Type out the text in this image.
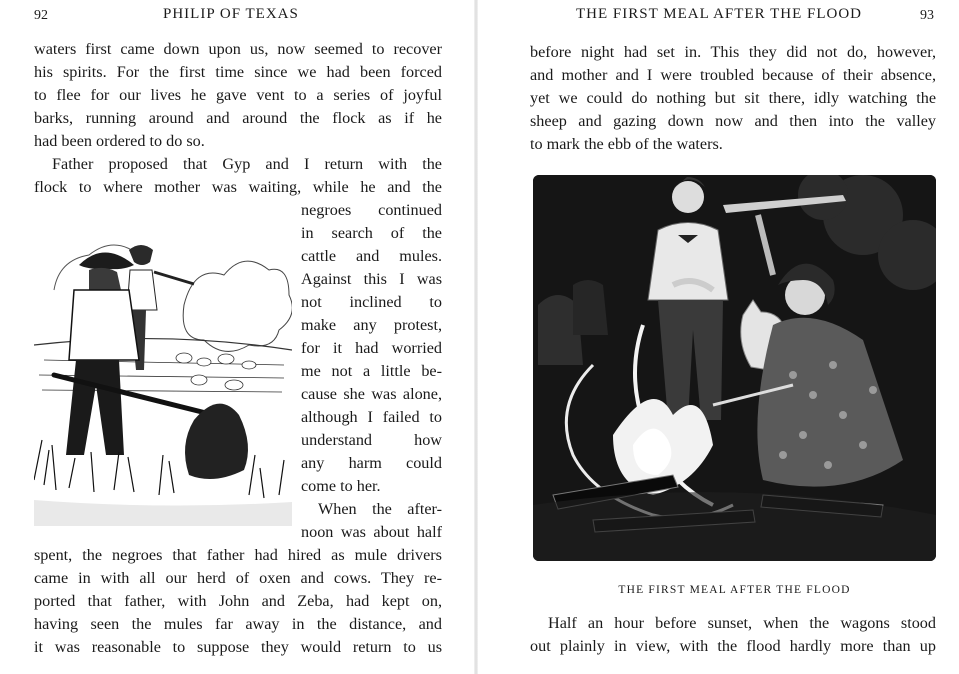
92	PHILIP OF TEXAS
waters first came down upon us, now seemed to recover
his spirits. For the first time since we had been forced
to flee for our lives he gave vent to a series of joyful
barks, running around and around the flock as if he
had been ordered to do so.
Father proposed that Gyp and I return with the
flock to where mother was waiting, while he and the
negroes continued
in search of the
cattle and mules.
Against this I was
not inclined to
make any protest,
for it had worried
me not a little be-
cause she was alone,
although I failed to
understand how
any harm could
come to her.
When the after-
noon was about half
spent, the negroes that father had hired as mule drivers
came in with all our herd of oxen and cows. They re-
ported that father, with John and Zeba, had kept on,
having seen the mules far away in the distance, and
it was reasonable to suppose they would return to us
THE FIRST MEAL AFTER THE FLOOD	93
before night had set in. This they did not do, however,
and mother and I were troubled because of their absence,
yet we could do nothing but sit there, idly watching the
sheep and gazing down now and then into the valley
to mark the ebb of the waters.
THE FIRST MEAL AFTER THE FLOOD
Half an hour before sunset, when the wagons stood
out plainly in view, with the flood hardly more than up
